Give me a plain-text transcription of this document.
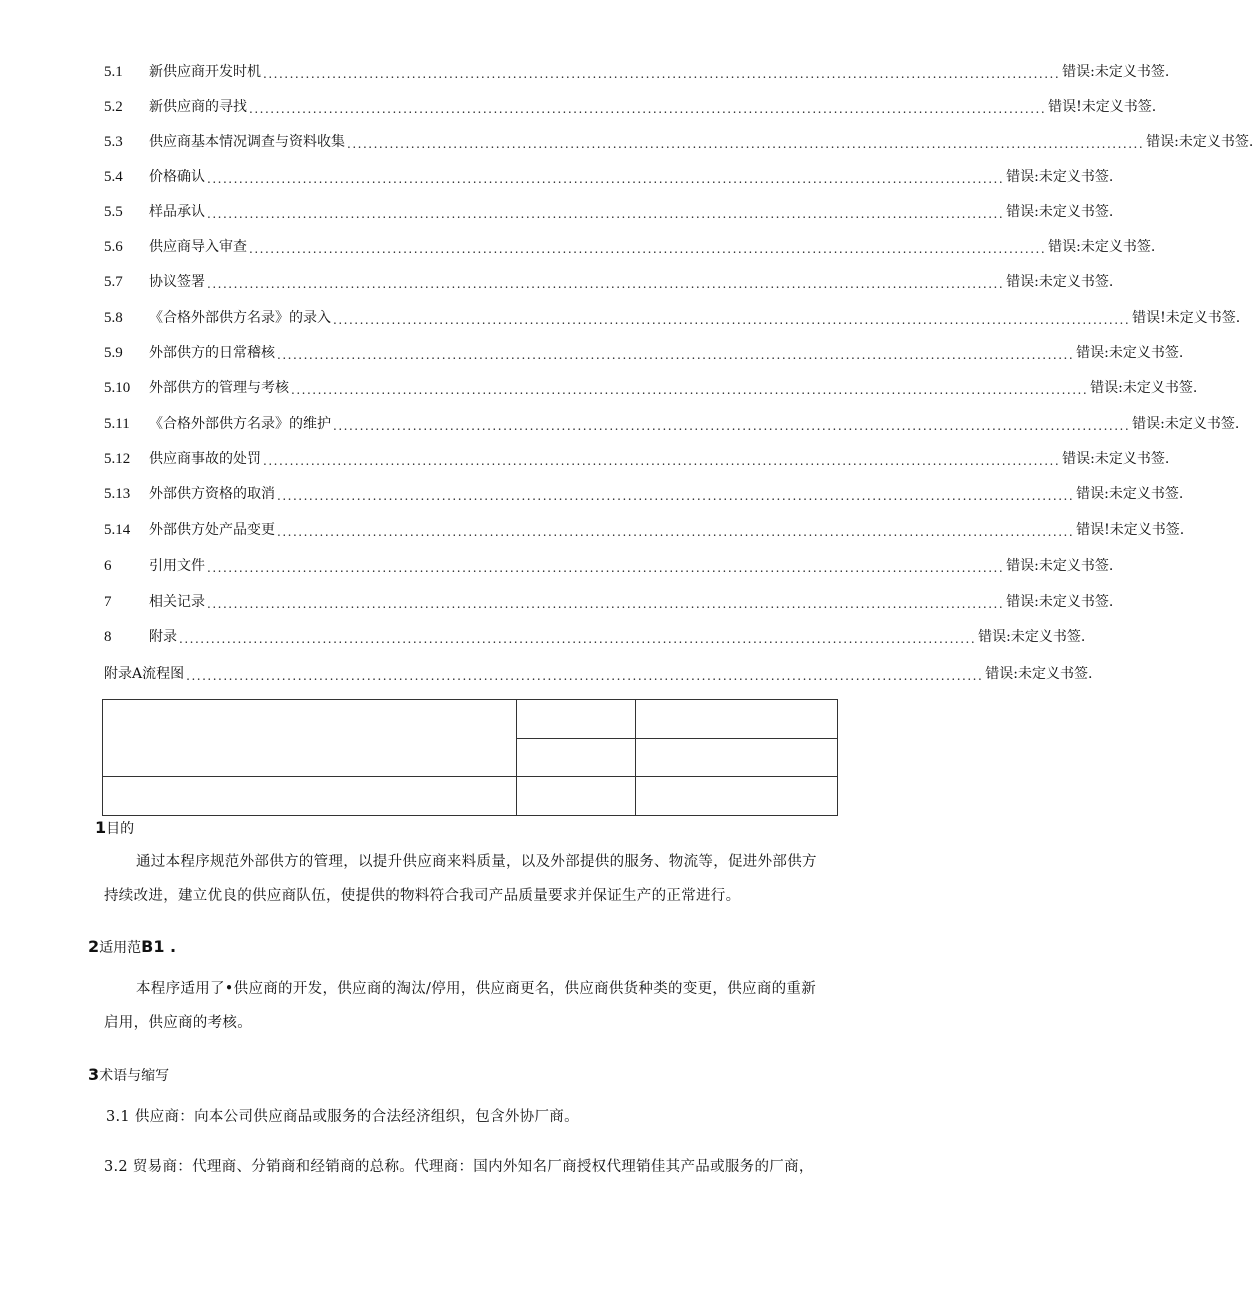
5.1	新供应商开发时机 ...................................................................................................................................................... 错误:未定义书签.
5.2	新供应商的寻找 ...................................................................................................................................................... 错误!未定义书签.
5.3	供应商基本情况调查与资料收集 ...................................................................................................................................................... 错误:未定义书签.
5.4	价格确认 ...................................................................................................................................................... 错误:未定义书签.
5.5	样品承认 ...................................................................................................................................................... 错误:未定义书签.
5.6	供应商导入审查 ...................................................................................................................................................... 错误:未定义书签.
5.7	协议签署 ...................................................................................................................................................... 错误:未定义书签.
5.8	《合格外部供方名录》的录入 ...................................................................................................................................................... 错误!未定义书签.
5.9	外部供方的日常稽核 ...................................................................................................................................................... 错误:未定义书签.
5.10	外部供方的管理与考核 ...................................................................................................................................................... 错误:未定义书签.
5.11	《合格外部供方名录》的维护 ...................................................................................................................................................... 错误:未定义书签.
5.12	供应商事故的处罚 ...................................................................................................................................................... 错误:未定义书签.
5.13	外部供方资格的取消 ...................................................................................................................................................... 错误:未定义书签.
5.14	外部供方处产品变更 ...................................................................................................................................................... 错误!未定义书签.
6	引用文件 ...................................................................................................................................................... 错误:未定义书签.
7	相关记录 ...................................................................................................................................................... 错误:未定义书签.
8	附录 ...................................................................................................................................................... 错误:未定义书签.
附录A流程图 ...................................................................................................................................................... 错误:未定义书签.

1目的

通过本程序规范外部供方的管理，以提升供应商来料质量，以及外部提供的服务、物流等，促进外部供方持续改进，建立优良的供应商队伍，使提供的物料符合我司产品质量要求并保证生产的正常进行。

2适用范B1 .

本程序适用了•供应商的开发，供应商的淘汰/停用，供应商更名，供应商供货种类的变更，供应商的重新启用，供应商的考核。

3术语与缩写
3.1 供应商：向本公司供应商品或服务的合法经济组织，包含外协厂商。
3.2 贸易商：代理商、分销商和经销商的总称。代理商：国内外知名厂商授权代理销佳其产品或服务的厂商，
